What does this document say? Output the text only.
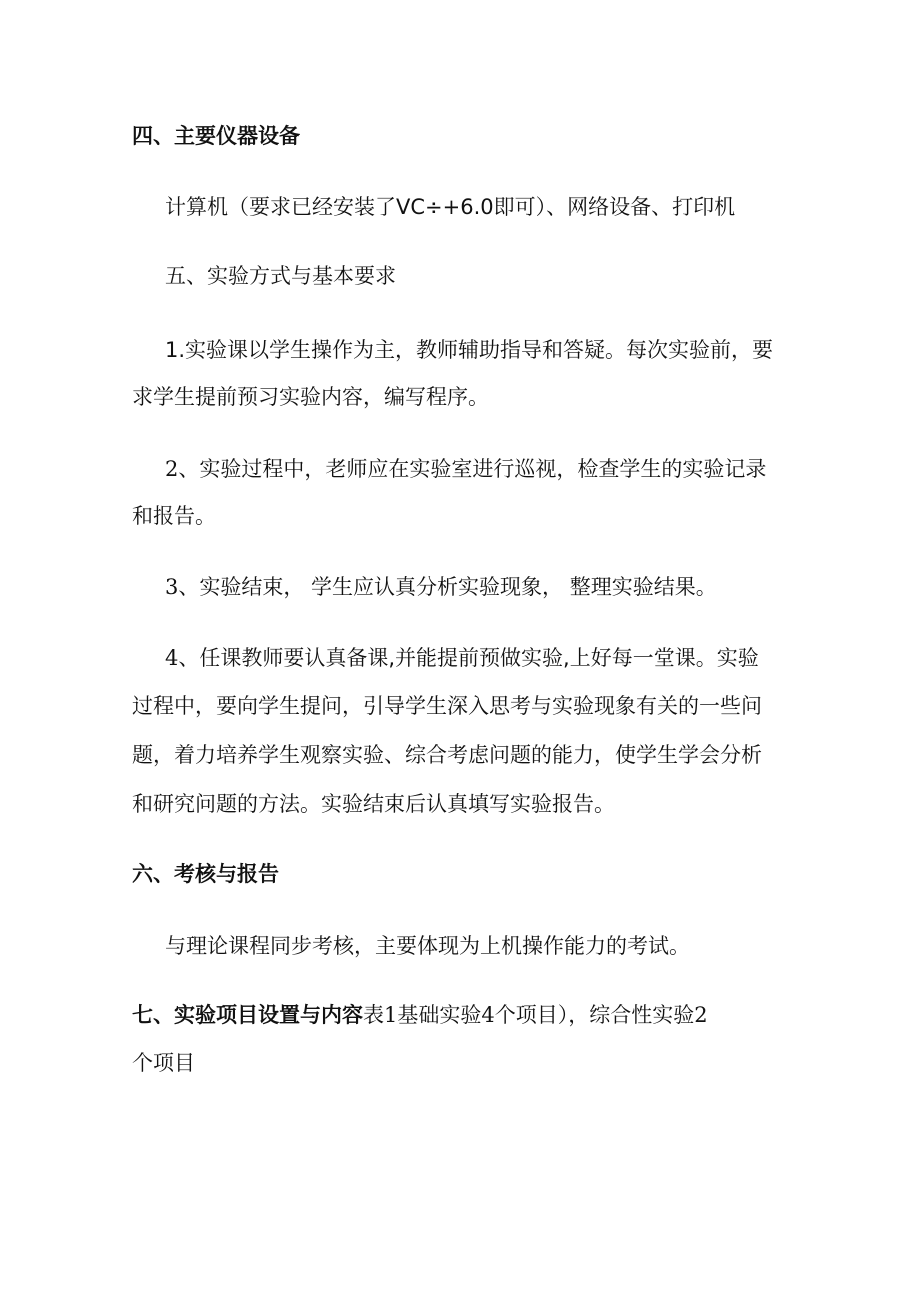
四、主要仪器设备
计算机（要求已经安装了VC÷+6.0即可）、网络设备、打印机
五、实验方式与基本要求
1.实验课以学生操作为主，教师辅助指导和答疑。每次实验前，要
求学生提前预习实验内容，编写程序。
2、实验过程中，老师应在实验室进行巡视，检查学生的实验记录
和报告。
3、实验结束， 学生应认真分析实验现象， 整理实验结果。
4、任课教师要认真备课,并能提前预做实验,上好每一堂课。实验
过程中，要向学生提问，引导学生深入思考与实验现象有关的一些问
题，着力培养学生观察实验、综合考虑问题的能力，使学生学会分析
和研究问题的方法。实验结束后认真填写实验报告。
六、考核与报告
与理论课程同步考核，主要体现为上机操作能力的考试。
七、实验项目设置与内容表1基础实验4个项目），综合性实验2
个项目
